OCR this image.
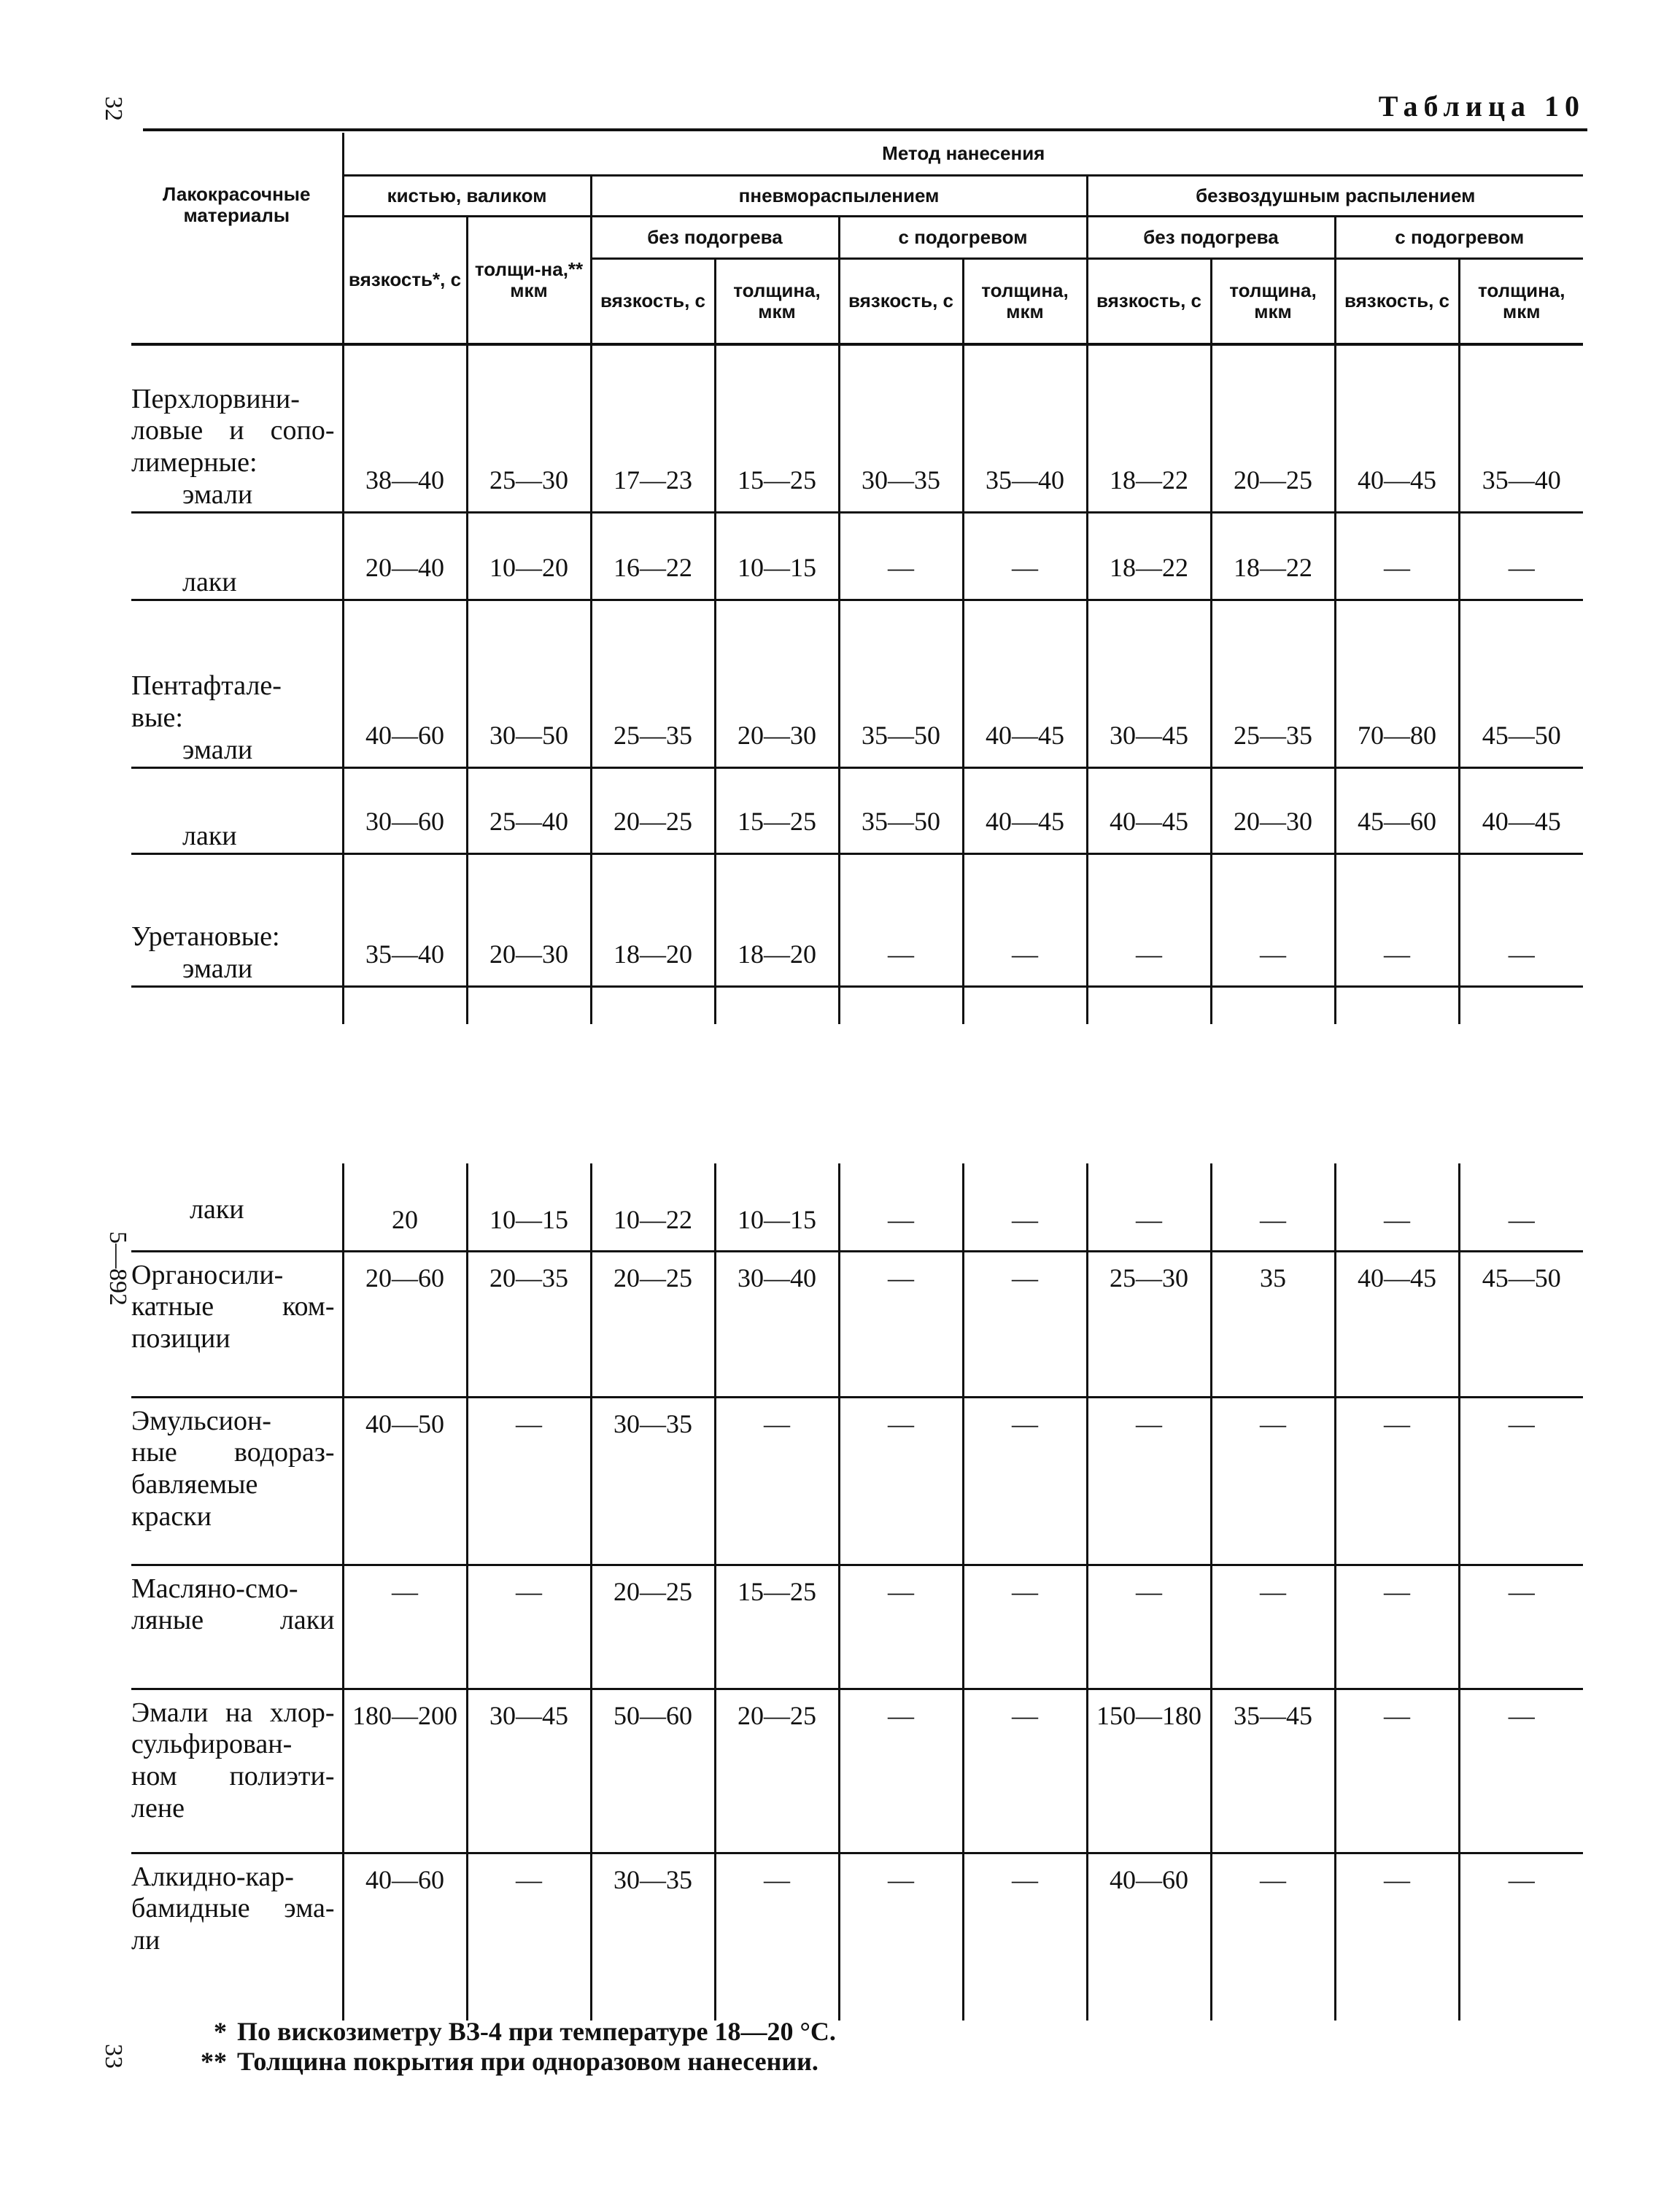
32
5—892
33
Таблица 10
Лакокрасочные материалы	Метод нанесения									
	кистью, валиком		пневмораспылением				безвоздушным распылением			
	вязкость*, с	толщи-на,** мкм	без подогрева		с подогревом		без подогрева		с подогревом	
			вязкость, с	толщина, мкм	вязкость, с	толщина, мкм	вязкость, с	толщина, мкм	вязкость, с	толщина, мкм

Перхлорвини-
ловые и сопо-
лимерные:
эмали	38—40	25—30	17—23	15—25	30—35	35—40	18—22	20—25	40—45	35—40

лаки	20—40	10—20	16—22	10—15	—	—	18—22	18—22	—	—

Пентафтале-
вые:
эмали	40—60	30—50	25—35	20—30	35—50	40—45	30—45	25—35	70—80	45—50

лаки	30—60	25—40	20—25	15—25	35—50	40—45	40—45	20—30	45—60	40—45

Уретановые:
эмали	35—40	20—30	18—20	18—20	—	—	—	—	—	—

лаки	20	10—15	10—22	10—15	—	—	—	—	—	—

Органосили-
катные ком-
позиции	20—60	20—35	20—25	30—40	—	—	25—30	35	40—45	45—50

Эмульсион-
ные водораз-
бавляемые
краски	40—50	—	30—35	—	—	—	—	—	—	—

Масляно-смо-
ляные лаки	—	—	20—25	15—25	—	—	—	—	—	—

Эмали на хлор-
сульфирован-
ном полиэти-
лене	180—200	30—45	50—60	20—25	—	—	150—180	35—45	—	—

Алкидно-кар-
бамидные эма-
ли	40—60	—	30—35	—	—	—	40—60	—	—	—
* По вискозиметру ВЗ-4 при температуре 18—20 °С.
** Толщина покрытия при одноразовом нанесении.
